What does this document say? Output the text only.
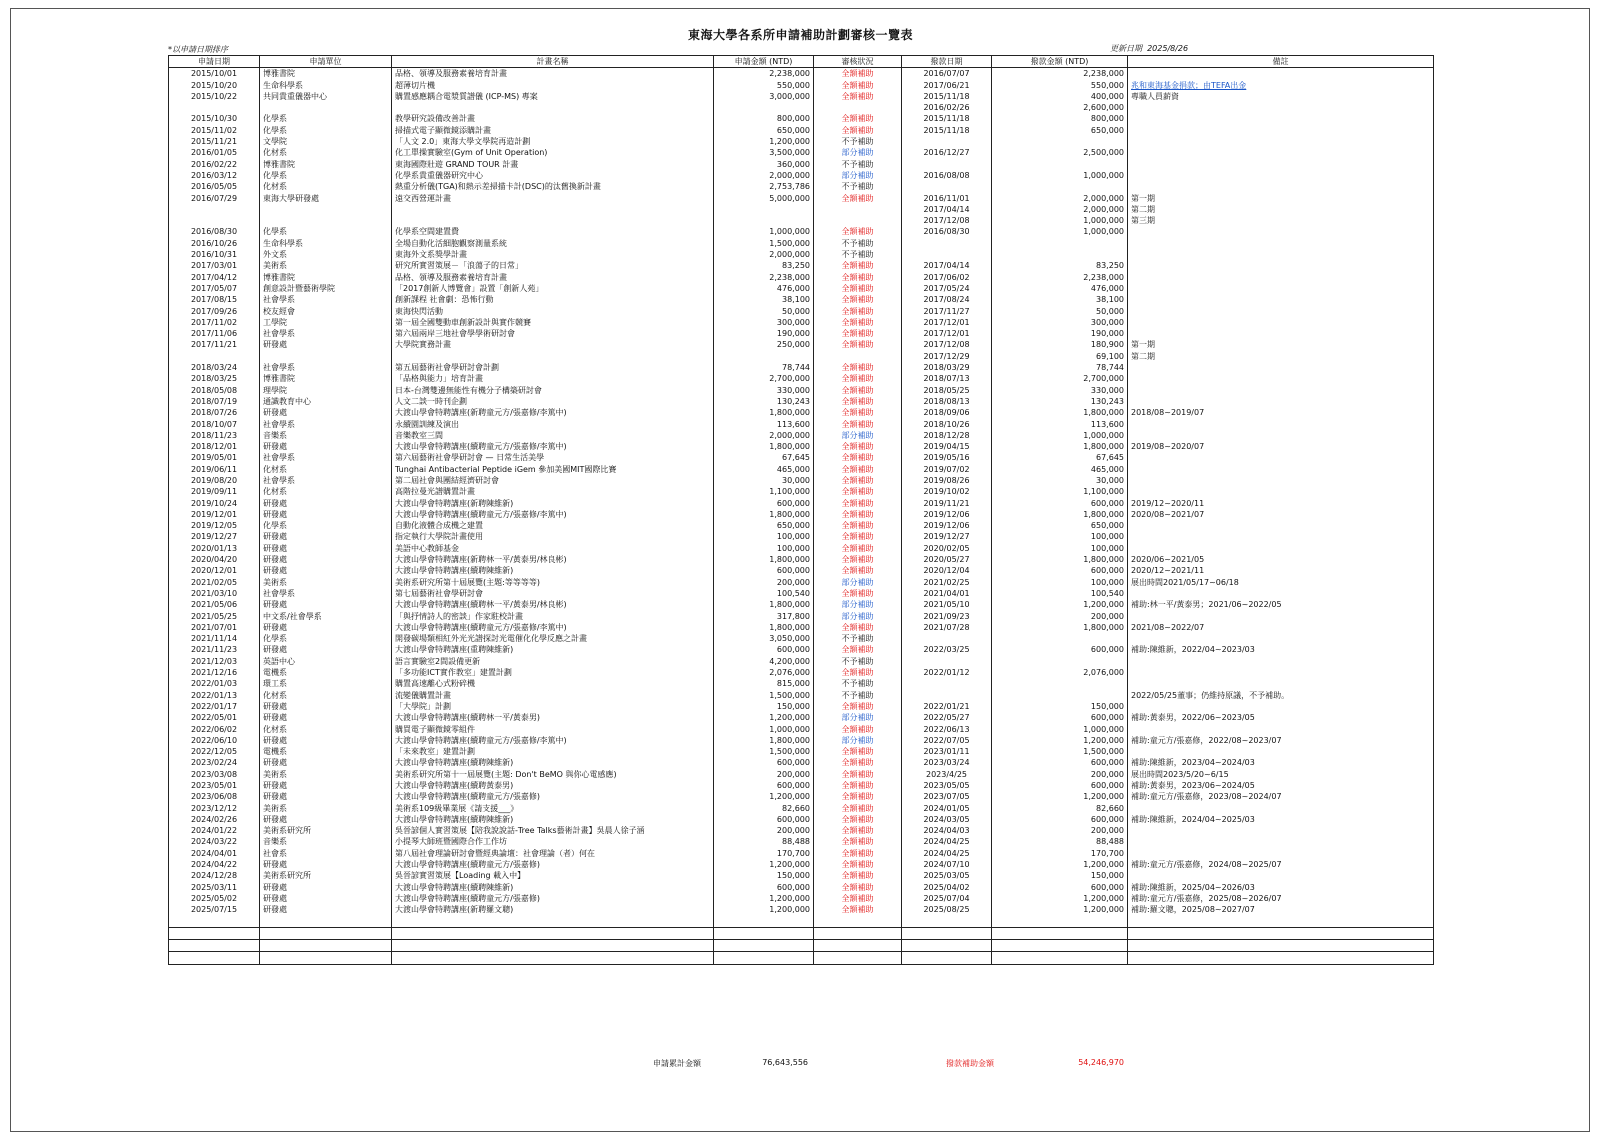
東海大學各系所申請補助計劃審核一覽表
*以申請日期排序	更新日期 2025/8/26
申請日期	申請單位	計畫名稱	申請金額 (NTD)	審核狀況	撥款日期	撥款金額 (NTD)	備註
2015/10/01	博雅書院	品格、領導及服務素養培育計畫	2,238,000	全額補助	2016/07/07	2,238,000	
2015/10/20	生命科學系	超薄切片機	550,000	全額補助	2017/06/21	550,000	兆和東海基金捐款；由TEFA出金
2015/10/22	共同貴重儀器中心	購置感應耦合電漿質譜儀 (ICP-MS) 專案	3,000,000	全額補助	2015/11/18	400,000	專職人員薪資
					2016/02/26	2,600,000	
2015/10/30	化學系	教學研究設備改善計畫	800,000	全額補助	2015/11/18	800,000	
2015/11/02	化學系	掃描式電子顯微鏡添購計畫	650,000	全額補助	2015/11/18	650,000	
2015/11/21	文學院	「人文 2.0」東海大學文學院再造計劃	1,200,000	不予補助			
2016/01/05	化材系	化工單操實驗室(Gym of Unit Operation)	3,500,000	部分補助	2016/12/27	2,500,000	
2016/02/22	博雅書院	東海國際壯遊 GRAND TOUR 計畫	360,000	不予補助			
2016/03/12	化學系	化學系貴重儀器研究中心	2,000,000	部分補助	2016/08/08	1,000,000	
2016/05/05	化材系	熱重分析儀(TGA)和熱示差掃描卡計(DSC)的汰舊換新計畫	2,753,786	不予補助			
2016/07/29	東海大學研發處	遠交西營運計畫	5,000,000	全額補助	2016/11/01	2,000,000	第一期
					2017/04/14	2,000,000	第二期
					2017/12/08	1,000,000	第三期
2016/08/30	化學系	化學系空間建置費	1,000,000	全額補助	2016/08/30	1,000,000	
2016/10/26	生命科學系	全場自動化活細胞觀察測量系統	1,500,000	不予補助			
2016/10/31	外文系	東海外文系獎學計畫	2,000,000	不予補助			
2017/03/01	美術系	研究所實習策展－「浪蕩子的日常」	83,250	全額補助	2017/04/14	83,250	
2017/04/12	博雅書院	品格、領導及服務素養培育計畫	2,238,000	全額補助	2017/06/02	2,238,000	
2017/05/07	創意設計暨藝術學院	「2017創新人博覽會」設置「創新人苑」	476,000	全額補助	2017/05/24	476,000	
2017/08/15	社會學系	創新課程 社會劇：恐怖行動	38,100	全額補助	2017/08/24	38,100	
2017/09/26	校友經會	東海快閃活動	50,000	全額補助	2017/11/27	50,000	
2017/11/02	工學院	第一屆全國雙動車創新設計與實作競賽	300,000	全額補助	2017/12/01	300,000	
2017/11/06	社會學系	第六屆兩岸三地社會學學術研討會	190,000	全額補助	2017/12/01	190,000	
2017/11/21	研發處	大學院實務計畫	250,000	全額補助	2017/12/08	180,900	第一期
					2017/12/29	69,100	第二期
2018/03/24	社會學系	第五屆藝術社會學研討會計劃	78,744	全額補助	2018/03/29	78,744	
2018/03/25	博雅書院	「品格與能力」培育計畫	2,700,000	全額補助	2018/07/13	2,700,000	
2018/05/08	理學院	日本-台灣雙邊無能性有機分子構築研討會	330,000	全額補助	2018/05/25	330,000	
2018/07/19	通識教育中心	人文二談一時刊企劃	130,243	全額補助	2018/08/13	130,243	
2018/07/26	研發處	大渡山學會特聘講座(新聘童元方/張嘉修/李篤中)	1,800,000	全額補助	2018/09/06	1,800,000	2018/08~2019/07
2018/10/07	社會學系	永續園訓練及演出	113,600	全額補助	2018/10/26	113,600	
2018/11/23	音樂系	音樂教室三間	2,000,000	部分補助	2018/12/28	1,000,000	
2018/12/01	研發處	大渡山學會特聘講座(續聘童元方/張嘉修/李篤中)	1,800,000	全額補助	2019/04/15	1,800,000	2019/08~2020/07
2019/05/01	社會學系	第六屆藝術社會學研討會 — 日常生活美學	67,645	全額補助	2019/05/16	67,645	
2019/06/11	化材系	Tunghai Antibacterial Peptide iGem 參加美國MIT國際比賽	465,000	全額補助	2019/07/02	465,000	
2019/08/20	社會學系	第二屆社會與團結經濟研討會	30,000	全額補助	2019/08/26	30,000	
2019/09/11	化材系	高階拉曼光譜購置計畫	1,100,000	全額補助	2019/10/02	1,100,000	
2019/10/24	研發處	大渡山學會特聘講座(新聘陳維新)	600,000	全額補助	2019/11/21	600,000	2019/12~2020/11
2019/12/01	研發處	大渡山學會特聘講座(續聘童元方/張嘉修/李篤中)	1,800,000	全額補助	2019/12/06	1,800,000	2020/08~2021/07
2019/12/05	化學系	自動化液體合成機之建置	650,000	全額補助	2019/12/06	650,000	
2019/12/27	研發處	指定執行大學院計畫使用	100,000	全額補助	2019/12/27	100,000	
2020/01/13	研發處	美語中心教師基金	100,000	全額補助	2020/02/05	100,000	
2020/04/20	研發處	大渡山學會特聘講座(新聘林一平/黃泰男/林良彬)	1,800,000	全額補助	2020/05/27	1,800,000	2020/06~2021/05
2020/12/01	研發處	大渡山學會特聘講座(續聘陳維新)	600,000	全額補助	2020/12/04	600,000	2020/12~2021/11
2021/02/05	美術系	美術系研究所第十屆展覽(主題:等等等等)	200,000	部分補助	2021/02/25	100,000	展出時間2021/05/17~06/18
2021/03/10	社會學系	第七屆藝術社會學研討會	100,540	全額補助	2021/04/01	100,540	
2021/05/06	研發處	大渡山學會特聘講座(續聘林一平/黃泰男/林良彬)	1,800,000	部分補助	2021/05/10	1,200,000	補助:林一平/黃泰男；2021/06~2022/05
2021/05/25	中文系/社會學系	「與抒情詩人的密談」作家駐校計畫	317,800	部分補助	2021/09/23	200,000	
2021/07/01	研發處	大渡山學會特聘講座(續聘童元方/張嘉修/李篤中)	1,800,000	全額補助	2021/07/28	1,800,000	2021/08~2022/07
2021/11/14	化學系	開發碳場類相紅外光光譜探討光電催化化學反應之計畫	3,050,000	不予補助			
2021/11/23	研發處	大渡山學會特聘講座(重聘陳維新)	600,000	全額補助	2022/03/25	600,000	補助:陳維新，2022/04~2023/03
2021/12/03	英語中心	語言實驗室2間設備更新	4,200,000	不予補助			
2021/12/16	電機系	「多功能ICT實作教室」建置計劃	2,076,000	全額補助	2022/01/12	2,076,000	
2022/01/03	環工系	購置高速離心式粉碎機	815,000	不予補助			
2022/01/13	化材系	流變儀購置計畫	1,500,000	不予補助			2022/05/25董事；仍維持原議，不予補助。
2022/01/17	研發處	「大學院」計劃	150,000	全額補助	2022/01/21	150,000	
2022/05/01	研發處	大渡山學會特聘講座(續聘林一平/黃泰男)	1,200,000	部分補助	2022/05/27	600,000	補助:黃泰男，2022/06~2023/05
2022/06/02	化材系	購買電子顯微鏡零組件	1,000,000	全額補助	2022/06/13	1,000,000	
2022/06/10	研發處	大渡山學會特聘講座(續聘童元方/張嘉修/李篤中)	1,800,000	部分補助	2022/07/05	1,200,000	補助:童元方/張嘉修，2022/08~2023/07
2022/12/05	電機系	「未來教室」建置計劃	1,500,000	全額補助	2023/01/11	1,500,000	
2023/02/24	研發處	大渡山學會特聘講座(續聘陳維新)	600,000	全額補助	2023/03/24	600,000	補助:陳維新，2023/04~2024/03
2023/03/08	美術系	美術系研究所第十一屆展覽(主題: Don't BeMO 與你心電感應)	200,000	全額補助	2023/4/25	200,000	展出時間2023/5/20~6/15
2023/05/01	研發處	大渡山學會特聘講座(續聘黃泰男)	600,000	全額補助	2023/05/05	600,000	補助:黃泰男，2023/06~2024/05
2023/06/08	研發處	大渡山學會特聘講座(續聘童元方/張嘉修)	1,200,000	全額補助	2023/07/05	1,200,000	補助:童元方/張嘉修，2023/08~2024/07
2023/12/12	美術系	美術系109級畢業展《請支援___》	82,660	全額補助	2024/01/05	82,660	
2024/02/26	研發處	大渡山學會特聘講座(續聘陳維新)	600,000	全額補助	2024/03/05	600,000	補助:陳維新，2024/04~2025/03
2024/01/22	美術系研究所	吳晉諺個人實習策展【陪我說說話-Tree Talks藝術計畫】吳晨人徐子涵	200,000	全額補助	2024/04/03	200,000	
2024/03/22	音樂系	小提琴大師班暨國際合作工作坊	88,488	全額補助	2024/04/25	88,488	
2024/04/01	社會系	第八屆社會理論研討會暨經典論壇：社會理論（者）何在	170,700	全額補助	2024/04/25	170,700	
2024/04/22	研發處	大渡山學會特聘講座(續聘童元方/張嘉修)	1,200,000	全額補助	2024/07/10	1,200,000	補助:童元方/張嘉修，2024/08~2025/07
2024/12/28	美術系研究所	吳晉諺實習策展【Loading 載入中】	150,000	全額補助	2025/03/05	150,000	
2025/03/11	研發處	大渡山學會特聘講座(續聘陳維新)	600,000	全額補助	2025/04/02	600,000	補助:陳維新，2025/04~2026/03
2025/05/02	研發處	大渡山學會特聘講座(續聘童元方/張嘉修)	1,200,000	全額補助	2025/07/04	1,200,000	補助:童元方/張嘉修，2025/08~2026/07
2025/07/15	研發處	大渡山學會特聘講座(新聘羅文聰)	1,200,000	全額補助	2025/08/25	1,200,000	補助:羅文聰，2025/08~2027/07

申請累計金額	76,643,556	撥款補助金額	54,246,970
